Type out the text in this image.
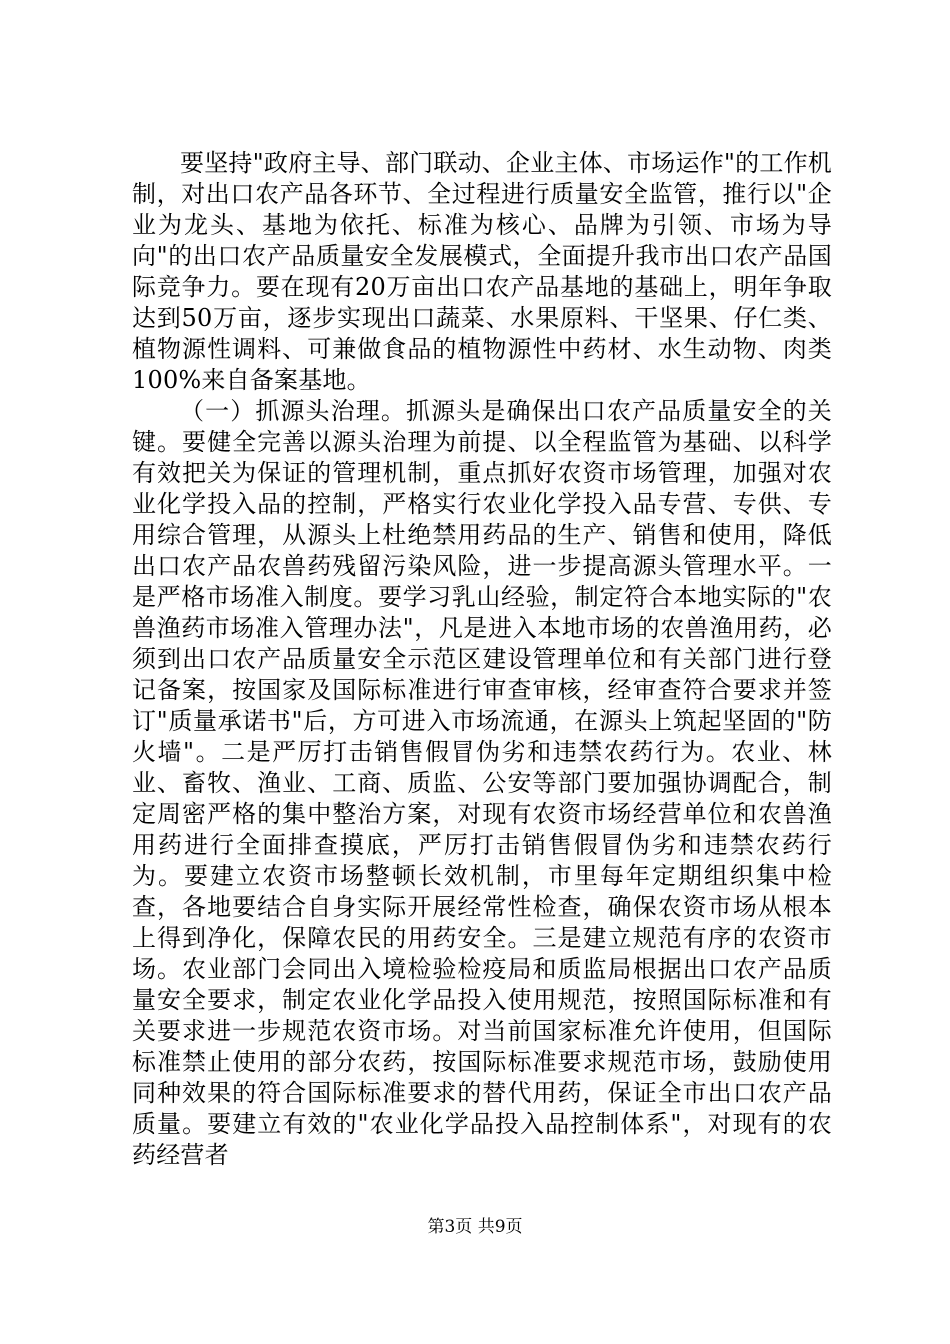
要坚持"政府主导、部门联动、企业主体、市场运作"的工作机制，对出口农产品各环节、全过程进行质量安全监管，推行以"企业为龙头、基地为依托、标准为核心、品牌为引领、市场为导向"的出口农产品质量安全发展模式，全面提升我市出口农产品国际竞争力。要在现有20万亩出口农产品基地的基础上，明年争取达到50万亩，逐步实现出口蔬菜、水果原料、干坚果、仔仁类、植物源性调料、可兼做食品的植物源性中药材、水生动物、肉类100%来自备案基地。

（一）抓源头治理。抓源头是确保出口农产品质量安全的关键。要健全完善以源头治理为前提、以全程监管为基础、以科学有效把关为保证的管理机制，重点抓好农资市场管理，加强对农业化学投入品的控制，严格实行农业化学投入品专营、专供、专用综合管理，从源头上杜绝禁用药品的生产、销售和使用，降低出口农产品农兽药残留污染风险，进一步提高源头管理水平。一是严格市场准入制度。要学习乳山经验，制定符合本地实际的"农兽渔药市场准入管理办法"，凡是进入本地市场的农兽渔用药，必须到出口农产品质量安全示范区建设管理单位和有关部门进行登记备案，按国家及国际标准进行审查审核，经审查符合要求并签订"质量承诺书"后，方可进入市场流通，在源头上筑起坚固的"防火墙"。二是严厉打击销售假冒伪劣和违禁农药行为。农业、林业、畜牧、渔业、工商、质监、公安等部门要加强协调配合，制定周密严格的集中整治方案，对现有农资市场经营单位和农兽渔用药进行全面排查摸底，严厉打击销售假冒伪劣和违禁农药行为。要建立农资市场整顿长效机制，市里每年定期组织集中检查，各地要结合自身实际开展经常性检查，确保农资市场从根本上得到净化，保障农民的用药安全。三是建立规范有序的农资市场。农业部门会同出入境检验检疫局和质监局根据出口农产品质量安全要求，制定农业化学品投入使用规范，按照国际标准和有关要求进一步规范农资市场。对当前国家标准允许使用，但国际标准禁止使用的部分农药，按国际标准要求规范市场，鼓励使用同种效果的符合国际标准要求的替代用药，保证全市出口农产品质量。要建立有效的"农业化学品投入品控制体系"，对现有的农药经营者

第3页 共9页
